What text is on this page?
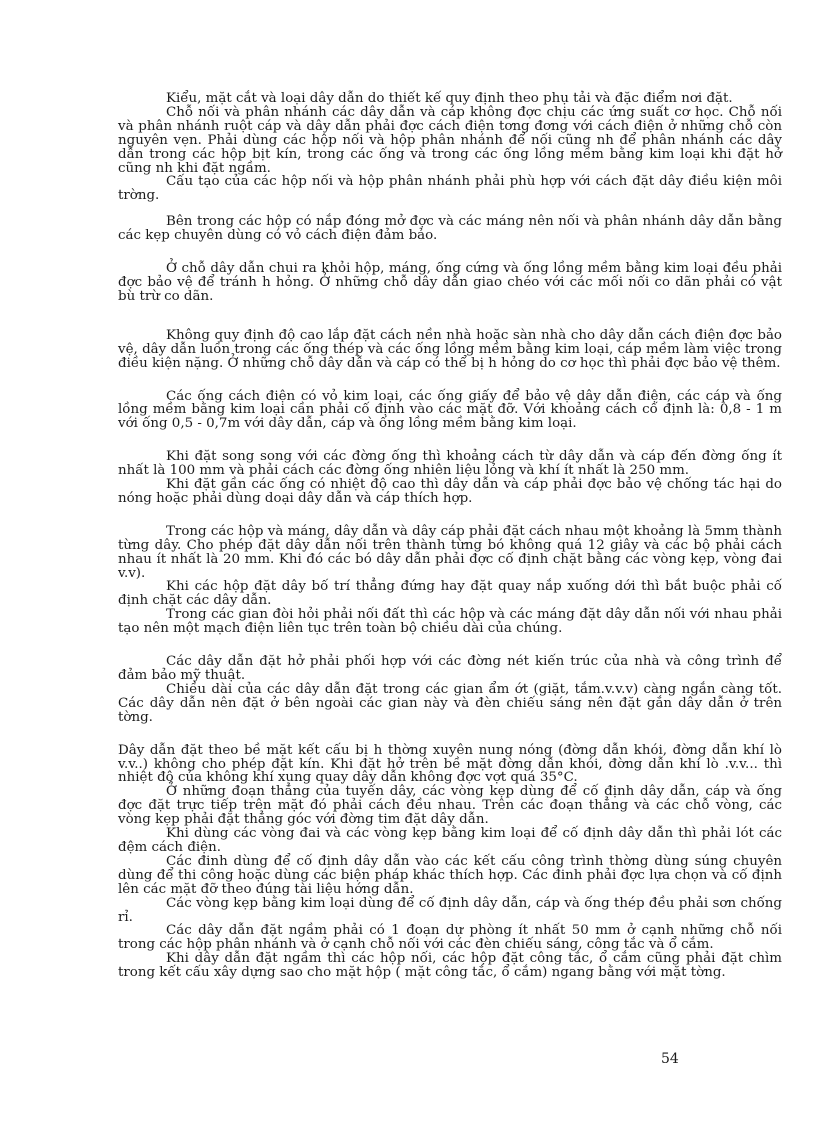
Kiểu, mặt cắt và loại dây dẫn do thiết kế quy định theo phụ tải và đặc điểm nơi đặt.

Chỗ nối và phân nhánh các dây dẫn và cáp không đợc chịu các ứng suất cơ học. Chỗ nối và phân nhánh ruột cáp và dây dẫn phải đợc cách điện tơng đơng với cách điện ở những chỗ còn nguyên vẹn. Phải dùng các hộp nối và hộp phân nhánh để nối cũng nh để phân nhánh các dây dẫn trong các hộp bịt kín, trong các ống và trong các ống lồng mềm bằng kim loại khi đặt hở cũng nh khi đặt ngầm.

Cấu tạo của các hộp nối và hộp phân nhánh phải phù hợp với cách đặt dây điều kiện môi trờng.

Bên trong các hộp có nắp đóng mở đợc và các máng nên nối và phân nhánh dây dẫn bằng các kẹp chuyên dùng có vỏ cách điện đảm bảo.

Ở chỗ dây dẫn chui ra khỏi hộp, máng, ống cứng và ống lồng mềm bằng kim loại đều phải đợc bảo vệ để tránh h hỏng. Ở những chỗ dây dẫn giao chéo với các mối nối co dãn phải có vật bù trừ co dãn.

Không quy định độ cao lắp đặt cách nền nhà hoặc sàn nhà cho dây dẫn cách điện đợc bảo vệ, dây dẫn luồn trong các ống thép và các ống lồng mềm bằng kim loại, cáp mềm làm việc trong điều kiện nặng. Ở những chỗ dây dẫn và cáp có thể bị h hỏng do cơ học thì phải đợc bảo vệ thêm.

Các ống cách điện có vỏ kim loại, các ống giấy để bảo vệ dây dẫn điện, các cáp và ống lồng mềm bằng kim loại cần phải cố định vào các mặt đỡ. Với khoảng cách cố định là: 0,8 - 1 m với ống 0,5 - 0,7m với dây dẫn, cáp và ống lồng mềm bằng kim loại.

Khi đặt song song với các đờng ống thì khoảng cách từ dây dẫn và cáp đến đờng ống ít nhất là 100 mm và phải cách các đờng ống nhiên liệu lỏng và khí ít nhất là 250 mm.

Khi đặt gần các ống có nhiệt độ cao thì dây dẫn và cáp phải đợc bảo vệ chống tác hại do nóng hoặc phải dùng doại dây dẫn và cáp thích hợp.

Trong các hộp và máng, dây dẫn và dây cáp phải đặt cách nhau một khoảng là 5mm thành từng dây. Cho phép đặt dây dẫn nối trên thành từng bó không quá 12 giây và các bộ phải cách nhau ít nhất là 20 mm. Khi đó các bó dây dẫn phải đợc cố định chặt bằng các vòng kẹp, vòng đai v.v).

Khi các hộp đặt dây bố trí thẳng đứng hay đặt quay nắp xuống dới thì bắt buộc phải cố định chặt các dây dẫn.

Trong các gian đòi hỏi phải nối đất thì các hộp và các máng đặt dây dẫn nối với nhau phải tạo nên một mạch điện liên tục trên toàn bộ chiều dài của chúng.

Các dây dẫn đặt hở phải phối hợp với các đờng nét kiến trúc của nhà và công trình để đảm bảo mỹ thuật.

Chiều dài của các dây dẫn đặt trong các gian ẩm ớt (giặt, tắm.v.v.v) càng ngắn càng tốt. Các dây dẫn nên đặt ở bên ngoài các gian này và đèn chiếu sáng nên đặt gắn dây dẫn ở trên tờng.

Dây dẫn đặt theo bề mặt kết cấu bị h thờng xuyên nung nóng (đờng dẫn khói, đờng dẫn khí lò v.v..) không cho phép đặt kín. Khi đặt hở trên bề mặt đờng dẫn khói, đờng dẫn khí lò .v.v... thì nhiệt độ của không khí xung quay dây dẫn không đợc vợt quá 35°C.

Ở những đoạn thẳng của tuyến dây, các vòng kẹp dùng để cố định dây dẫn, cáp và ống đợc đặt trực tiếp trên mặt đó phải cách đều nhau. Trên các đoạn thẳng và các chỗ vòng, các vòng kẹp phải đặt thẳng góc với đờng tim đặt dây dẫn.

Khi dùng các vòng đai và các vòng kẹp bằng kim loại để cố định dây dẫn thì phải lót các đệm cách điện.

Các đinh dùng để cố định dây dẫn vào các kết cấu công trình thờng dùng súng chuyên dùng để thi công hoặc dùng các biện pháp khác thích hợp. Các đinh phải đợc lựa chọn và cố định lên các mặt đỡ theo đúng tài liệu hớng dẫn.

Các vòng kẹp bằng kim loại dùng để cố định dây dẫn, cáp và ống thép đều phải sơn chống rỉ.

Các dây dẫn đặt ngầm phải có 1 đoạn dự phòng ít nhất 50 mm ở cạnh những chỗ nối trong các hộp phân nhánh và ở cạnh chỗ nối với các đèn chiếu sáng, công tắc và ổ cắm.

Khi dây dẫn đặt ngầm thì các hộp nối, các hộp đặt công tắc, ổ cắm cũng phải đặt chìm trong kết cấu xây dựng sao cho mặt hộp ( mặt công tắc, ổ cắm) ngang bằng với mặt tờng.

54
